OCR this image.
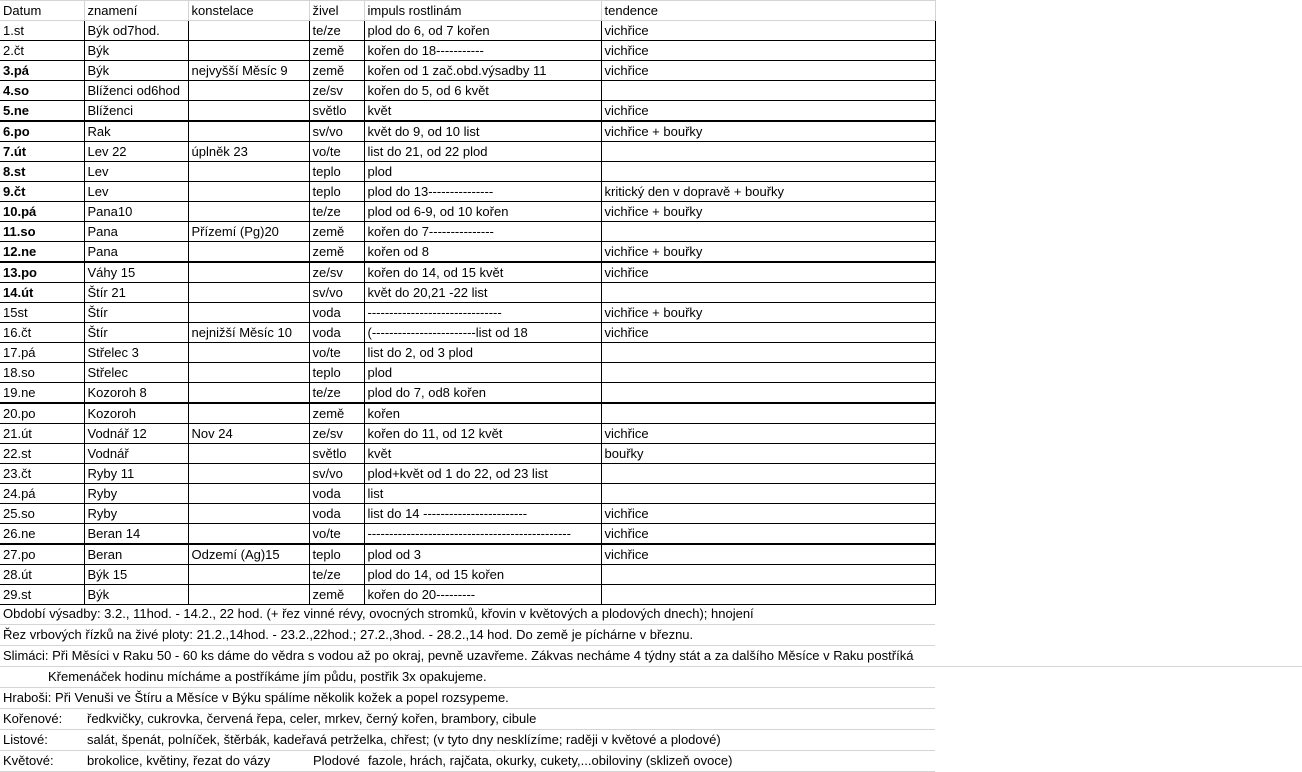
Datum	znamení	konstelace	živel	impuls rostlinám	tendence
1.st	Býk od7hod.		te/ze	plod do 6, od 7 kořen	vichřice
2.čt	Býk		země	kořen do 18-----------	vichřice
3.pá	Býk	nejvyšší Měsíc 9	země	kořen od 1 zač.obd.výsadby 11	vichřice
4.so	Blíženci od6hod		ze/sv	kořen do 5, od 6 květ	
5.ne	Blíženci		světlo	květ	vichřice
6.po	Rak		sv/vo	květ do 9, od 10 list	vichřice + bouřky
7.út	Lev 22	úplněk 23	vo/te	list do 21, od 22 plod	
8.st	Lev		teplo	plod	
9.čt	Lev		teplo	plod do 13---------------	kritický den v dopravě + bouřky
10.pá	Pana10		te/ze	plod od 6-9, od 10 kořen	vichřice + bouřky
11.so	Pana	Přízemí (Pg)20	země	kořen do 7---------------	
12.ne	Pana		země	kořen od 8	vichřice + bouřky
13.po	Váhy 15		ze/sv	kořen do 14, od 15 květ	vichřice
14.út	Štír 21		sv/vo	květ do 20,21 -22 list	
15st	Štír		voda	-------------------------------	vichřice + bouřky
16.čt	Štír	nejnižší Měsíc 10	voda	(------------------------list od 18	vichřice
17.pá	Střelec 3		vo/te	list do 2, od 3 plod	
18.so	Střelec		teplo	plod	
19.ne	Kozoroh 8		te/ze	plod do 7, od8 kořen	
20.po	Kozoroh		země	kořen	
21.út	Vodnář 12	Nov 24	ze/sv	kořen do 11, od 12 květ	vichřice
22.st	Vodnář		světlo	květ	bouřky
23.čt	Ryby 11		sv/vo	plod+květ od 1 do 22, od 23 list	
24.pá	Ryby		voda	list	
25.so	Ryby		voda	list do 14 ------------------------	vichřice
26.ne	Beran 14		vo/te	-----------------------------------------------	vichřice
27.po	Beran	Odzemí (Ag)15	teplo	plod od 3	vichřice
28.út	Býk 15		te/ze	plod do 14, od 15 kořen	
29.st	Býk		země	kořen do 20---------	
Období výsadby: 3.2., 11hod. - 14.2., 22 hod. (+ řez vinné révy, ovocných stromků, křovin v květových a plodových dnech); hnojení
Řez vrbových řízků na živé ploty: 21.2.,14hod. - 23.2.,22hod.; 27.2.,3hod. - 28.2.,14 hod. Do země je píchárne v březnu.
Slimáci: Při Měsíci v Raku 50 - 60 ks dáme do vědra s vodou až po okraj, pevně uzavřeme. Zákvas necháme 4 týdny stát a za dalšího Měsíce v Raku postříká
Křemenáček hodinu mícháme a postříkáme jím půdu, postřik 3x opakujeme.
Hraboši: Při Venuši ve Štíru a Měsíce v Býku spálíme několik kožek a popel rozsypeme.
Kořenové: ředkvičky, cukrovka, červená řepa, celer, mrkev, černý kořen, brambory, cibule
Listové:	salát, špenát, polníček, štěrbák, kadeřavá petrželka, chřest; (v tyto dny nesklízíme; raději v květové a plodové)
Květové:	brokolice, květiny, řezat do vázy	Plodové fazole, hrách, rajčata, okurky, cukety,...obiloviny (sklizeň ovoce)
